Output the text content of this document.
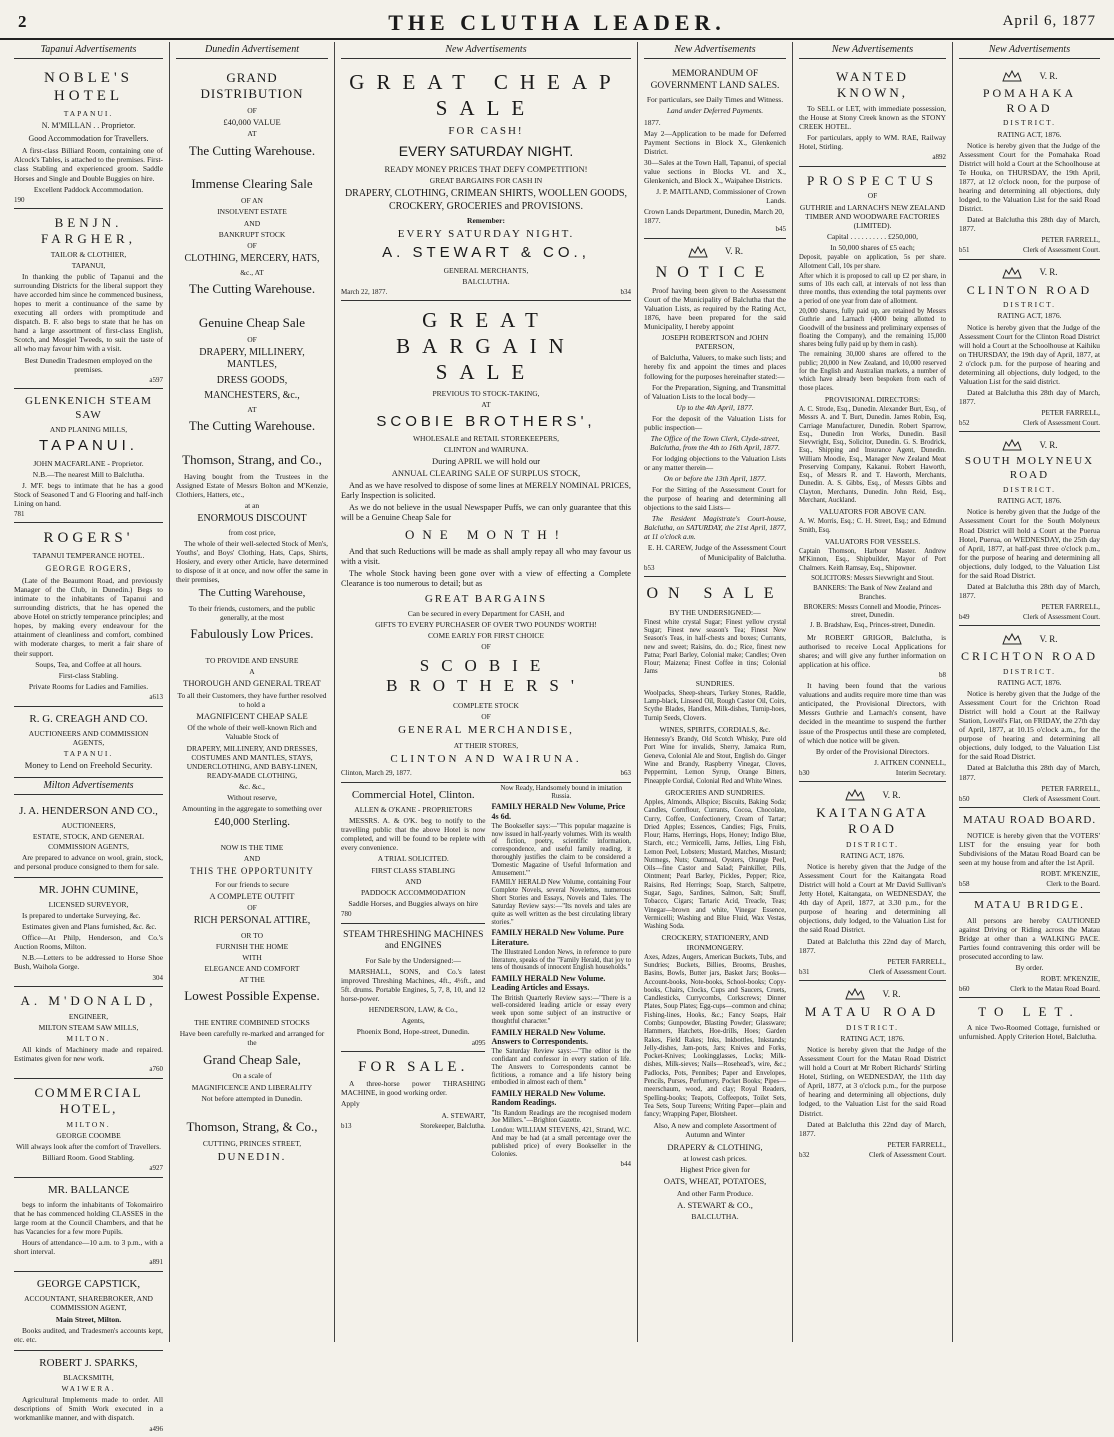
2	THE CLUTHA LEADER.	April 6, 1877
Tapanui Advertisements
NOBLE'S HOTEL
TAPANUI.
N. M'MILLAN . . Proprietor.
Good Accommodation for Travellers.
A first-class Billiard Room, containing one of Alcock's Tables, is attached to the premises. First-class Stabling and experienced groom. Saddle Horses and Single and Double Buggies on hire.
Excellent Paddock Accommodation.
190
BENJN. FARGHER,
TAILOR & CLOTHIER,
TAPANUI,
In thanking the public of Tapanui and the surrounding Districts for the liberal support they have accorded him since he commenced business, hopes to merit a continuance of the same by executing all orders with promptitude and dispatch. B. F. also begs to state that he has on hand a large assortment of first-class English, Scotch, and Mosgiel Tweeds, to suit the taste of all who may favour him with a visit.
Best Dunedin Tradesmen employed on the premises.
a597
GLENKENICH STEAM SAW
AND PLANING MILLS,
TAPANUI.
JOHN MACFARLANE - Proprietor.
N.B.—The nearest Mill to Balclutha.
J. M'F. begs to intimate that he has a good Stock of Seasoned T and G Flooring and half-inch Lining on hand.
781
ROGERS'
TAPANUI TEMPERANCE HOTEL.
GEORGE ROGERS,
(Late of the Beaumont Road, and previously Manager of the Club, in Dunedin.) Begs to intimate to the inhabitants of Tapanui and surrounding districts, that he has opened the above Hotel on strictly temperance principles; and hopes, by making every endeavour for the attainment of cleanliness and comfort, combined with moderate charges, to merit a fair share of their support.
Soups, Tea, and Coffee at all hours.
First-class Stabling.
Private Rooms for Ladies and Families.
a613
R. G. CREAGH AND CO.
AUCTIONEERS AND COMMISSION AGENTS,
TAPANUI.
Money to Lend on Freehold Security.
Milton Advertisements
J. A. HENDERSON AND CO.,
AUCTIONEERS,
ESTATE, STOCK, AND GENERAL COMMISSION AGENTS,
Are prepared to advance on wool, grain, stock, and personal produce consigned to them for sale.
MR. JOHN CUMINE,
LICENSED SURVEYOR,
Is prepared to undertake Surveying, &c.
Estimates given and Plans furnished, &c. &c.
Office—At Philp, Henderson, and Co.'s Auction Rooms, Milton.
N.B.—Letters to be addressed to Horse Shoe Bush, Waihola Gorge.
304
A. M'DONALD,
ENGINEER,
MILTON STEAM SAW MILLS,
MILTON.
All kinds of Machinery made and repaired. Estimates given for new work.
a760
COMMERCIAL HOTEL,
MILTON.
GEORGE COOMBE
Will always look after the comfort of Travellers.
Billiard Room. Good Stabling.
a927
MR. BALLANCE
begs to inform the inhabitants of Tokomairiro that he has commenced holding CLASSES in the large room at the Council Chambers, and that he has Vacancies for a few more Pupils.
Hours of attendance—10 a.m. to 3 p.m., with a short interval.
a891
GEORGE CAPSTICK,
ACCOUNTANT, SHAREBROKER, AND COMMISSION AGENT,
Main Street, Milton.
Books audited, and Tradesmen's accounts kept, etc. etc.
ROBERT J. SPARKS,
BLACKSMITH,
WAIWERA.
Agricultural Implements made to order. All descriptions of Smith Work executed in a workmanlike manner, and with dispatch.
a496
Dunedin Advertisement
GRAND DISTRIBUTION
OF
£40,000 VALUE
AT
The Cutting Warehouse.
Immense Clearing Sale
OF AN
INSOLVENT ESTATE
AND
BANKRUPT STOCK
OF
CLOTHING, MERCERY, HATS,
&c., AT
The Cutting Warehouse.
Genuine Cheap Sale
OF
DRAPERY, MILLINERY, MANTLES,
DRESS GOODS,
MANCHESTERS, &c.,
AT
The Cutting Warehouse.
Thomson, Strang, and Co.,
Having bought from the Trustees in the Assigned Estate of Messrs Bolton and M'Kenzie, Clothiers, Hatters, etc.,
at an
ENORMOUS DISCOUNT
from cost price,
The whole of their well-selected Stock of Men's, Youths', and Boys' Clothing, Hats, Caps, Shirts, Hosiery, and every other Article, have determined to dispose of it at once, and now offer the same in their premises,
The Cutting Warehouse,
To their friends, customers, and the public generally, at the most
Fabulously Low Prices.
TO PROVIDE AND ENSURE
A
THOROUGH AND GENERAL TREAT
To all their Customers, they have further resolved to hold a
MAGNIFICENT CHEAP SALE
Of the whole of their well-known Rich and Valuable Stock of
DRAPERY, MILLINERY, AND DRESSES, COSTUMES AND MANTLES, STAYS, UNDERCLOTHING, AND BABY-LINEN, READY-MADE CLOTHING,
&c. &c.,
Without reserve,
Amounting in the aggregate to something over
£40,000 Sterling.
NOW IS THE TIME
AND
THIS THE OPPORTUNITY
For our friends to secure
A COMPLETE OUTFIT
OF
RICH PERSONAL ATTIRE,
OR TO
FURNISH THE HOME
WITH
ELEGANCE AND COMFORT
AT THE
Lowest Possible Expense.
THE ENTIRE COMBINED STOCKS
Have been carefully re-marked and arranged for the
Grand Cheap Sale,
On a scale of
MAGNIFICENCE AND LIBERALITY
Not before attempted in Dunedin.
Thomson, Strang, & Co.,
CUTTING, PRINCES STREET,
DUNEDIN.
New Advertisements
GREAT CHEAP SALE
FOR CASH!
EVERY SATURDAY NIGHT.
READY MONEY PRICES THAT DEFY COMPETITION!
GREAT BARGAINS FOR CASH IN
DRAPERY, CLOTHING, CRIMEAN SHIRTS, WOOLLEN GOODS, CROCKERY, GROCERIES and PROVISIONS.
Remember:
EVERY SATURDAY NIGHT.
A. STEWART & CO.,
GENERAL MERCHANTS,
BALCLUTHA.
March 22, 1877.	b34
GREAT BARGAIN SALE
PREVIOUS TO STOCK-TAKING,
AT
SCOBIE BROTHERS',
WHOLESALE and RETAIL STOREKEEPERS,
CLINTON and WAIRUNA.
During APRIL we will hold our
ANNUAL CLEARING SALE OF SURPLUS STOCK,
And as we have resolved to dispose of some lines at MERELY NOMINAL PRICES, Early Inspection is solicited.
As we do not believe in the usual Newspaper Puffs, we can only guarantee that this will be a Genuine Cheap Sale for
ONE MONTH!
And that such Reductions will be made as shall amply repay all who may favour us with a visit.
The whole Stock having been gone over with a view of effecting a Complete Clearance is too numerous to detail; but as
GREAT BARGAINS
Can be secured in every Department for CASH, and
GIFTS TO EVERY PURCHASER OF OVER TWO POUNDS' WORTH!
COME EARLY FOR FIRST CHOICE
OF
SCOBIE BROTHERS'
COMPLETE STOCK
OF
GENERAL MERCHANDISE,
AT THEIR STORES,
CLINTON AND WAIRUNA.
Clinton, March 29, 1877.	b63
Commercial Hotel, Clinton.
ALLEN & O'KANE - PROPRIETORS
MESSRS. A. & O'K. beg to notify to the travelling public that the above Hotel is now completed, and will be found to be replete with every convenience.
A TRIAL SOLICITED.
FIRST CLASS STABLING
AND
PADDOCK ACCOMMODATION
Saddle Horses, and Buggies always on hire
780
STEAM THRESHING MACHINES and ENGINES
For Sale by the Undersigned:—
MARSHALL, SONS, and Co.'s latest improved Threshing Machines, 4ft., 4½ft., and 5ft. drums. Portable Engines, 5, 7, 8, 10, and 12 horse-power.
HENDERSON, LAW, & Co.,
Agents,
Phoenix Bond, Hope-street, Dunedin.
a095
FOR SALE.
A three-horse power THRASHING MACHINE, in good working order.
Apply
A. STEWART,
b13	Storekeeper, Balclutha.
Now Ready, Handsomely bound in imitation Russia.
FAMILY HERALD New Volume, Price 4s 6d.
The Bookseller says:—"This popular magazine is now issued in half-yearly volumes. With its wealth of fiction, poetry, scientific information, correspondence, and useful family reading, it thoroughly justifies the claim to be considered a 'Domestic Magazine of Useful Information and Amusement.'"
FAMILY HERALD New Volume, containing Four Complete Novels, several Novelettes, numerous Short Stories and Essays, Novels and Tales. The Saturday Review says:—"Its novels and tales are quite as well written as the best circulating library stories."
FAMILY HERALD New Volume. Pure Literature.
The Illustrated London News, in reference to pure literature, speaks of the "Family Herald, that joy to tens of thousands of innocent English households."
FAMILY HERALD New Volume. Leading Articles and Essays.
The British Quarterly Review says:—"There is a well-considered leading article or essay every week upon some subject of an instructive or thoughtful character."
FAMILY HERALD New Volume. Answers to Correspondents.
The Saturday Review says:—"The editor is the confidant and confessor in every station of life. The Answers to Correspondents cannot be fictitious, a romance and a life history being embodied in almost each of them."
FAMILY HERALD New Volume. Random Readings.
"Its Random Readings are the recognised modern Joe Millers."—Brighton Gazette.
London: WILLIAM STEVENS, 421, Strand, W.C. And may be had (at a small percentage over the published price) of every Bookseller in the Colonies.
b44
New Advertisements
MEMORANDUM OF GOVERNMENT LAND SALES.
For particulars, see Daily Times and Witness.
Land under Deferred Payments.
1877.
May 2—Application to be made for Deferred Payment Sections in Block X., Glenkenich District.
30—Sales at the Town Hall, Tapanui, of special value sections in Blocks VI. and X., Glenkenich, and Block X., Waipahee Districts.
J. P. MAITLAND, Commissioner of Crown Lands.
Crown Lands Department, Dunedin, March 20, 1877.
b45
V. R.
NOTICE
Proof having been given to the Assessment Court of the Municipality of Balclutha that the Valuation Lists, as required by the Rating Act, 1876, have been prepared for the said Municipality, I hereby appoint
JOSEPH ROBERTSON and JOHN PATERSON,
of Balclutha, Valuers, to make such lists; and hereby fix and appoint the times and places following for the purposes hereinafter stated:—
For the Preparation, Signing, and Transmittal of Valuation Lists to the local body—
Up to the 4th April, 1877.
For the deposit of the Valuation Lists for public inspection—
The Office of the Town Clerk, Clyde-street, Balclutha, from the 4th to 16th April, 1877.
For lodging objections to the Valuation Lists or any matter therein—
On or before the 13th April, 1877.
For the Sitting of the Assessment Court for the purpose of hearing and determining all objections to the said Lists—
The Resident Magistrate's Court-house, Balclutha, on SATURDAY, the 21st April, 1877, at 11 o'clock a.m.
E. H. CAREW, Judge of the Assessment Court of Municipality of Balclutha.
b53
ON SALE
BY THE UNDERSIGNED:—
Finest white crystal Sugar; Finest yellow crystal Sugar; Finest new season's Tea; Finest New Season's Teas, in half-chests and boxes; Currants, new and sweet; Raisins, do. do.; Rice, finest new Patna; Pearl Barley, Colonial make; Candles; Oven Flour; Maizena; Finest Coffee in tins; Colonial Jams
SUNDRIES.
Woolpacks, Sheep-shears, Turkey Stones, Raddle, Lamp-black, Linseed Oil, Rough Castor Oil, Coirs, Scythe Blades, Handles, Milk-dishes, Turnip-hoes, Turnip Seeds, Clovers.
WINES, SPIRITS, CORDIALS, &c.
Hennessy's Brandy, Old Scotch Whisky, Pure old Port Wine for invalids, Sherry, Jamaica Rum, Geneva, Colonial Ale and Stout, English do. Ginger Wine and Brandy, Raspberry Vinegar, Cloves, Peppermint, Lemon Syrup, Orange Bitters, Pineapple Cordial, Colonial Red and White Wines.
GROCERIES AND SUNDRIES.
Apples, Almonds, Allspice; Biscuits, Baking Soda; Candles, Cornflour, Currants, Cocoa, Chocolate, Curry, Coffee, Confectionery, Cream of Tartar; Dried Apples; Essences, Candies; Figs, Fruits, Flour; Hams, Herrings, Hops, Honey; Indigo Blue, Starch, etc.; Vermicelli, Jams, Jellies, Ling Fish, Lemon Peel, Lobsters; Mustard, Matches, Mustard; Nutmegs, Nuts; Oatmeal, Oysters, Orange Peel, Oils—fine Castor and Salad; Painkiller, Pills, Ointment; Pearl Barley, Pickles, Pepper; Rice, Raisins, Red Herrings; Soap, Starch, Saltpetre, Sugar, Sago, Sardines, Salmon, Salt; Snuff, Tobacco, Cigars; Tartaric Acid, Treacle, Teas; Vinegar—brown and white, Vinegar Essence, Vermicelli; Washing and Blue Fluid, Wax Vestas, Washing Soda.
CROCKERY, STATIONERY, AND IRONMONGERY.
Axes, Adzes, Augers, American Buckets, Tubs, and Sundries; Buckets, Billies, Brooms, Brushes, Basins, Bowls, Butter jars, Basket Jars; Books—Account-books, Note-books, School-books; Copy-books, Chairs, Clocks, Cups and Saucers, Cruets, Candlesticks, Currycombs, Corkscrews; Dinner Plates, Soup Plates; Egg-cups—common and china; Fishing-lines, Hooks, &c.; Fancy Soaps, Hair Combs; Gunpowder, Blasting Powder; Glassware; Hammers, Hatchets, Hoe-drills, Hoes; Garden Rakes, Field Rakes; Inks, Inkbottles, Inkstands; Jelly-dishes, Jam-pots, Jars; Knives and Forks, Pocket-Knives; Lookingglasses, Locks; Milk-dishes, Milk-sieves; Nails—Rosehead's, wire, &c.; Padlocks, Pots, Pennibes; Paper and Envelopes, Pencils, Purses, Perfumery, Pocket Books; Pipes—meerschaum, wood, and clay; Royal Readers, Spelling-books; Teapots, Coffeepots, Toilet Sets, Tea Sets, Soup Tureens; Writing Paper—plain and fancy; Wrapping Paper, Blotsheet.
Also, A new and complete Assortment of Autumn and Winter
DRAPERY & CLOTHING,
at lowest cash prices.
Highest Price given for
OATS, WHEAT, POTATOES,
And other Farm Produce.
A. STEWART & CO.,
BALCLUTHA.
New Advertisements
WANTED KNOWN,
To SELL or LET, with immediate possession, the House at Stony Creek known as the STONY CREEK HOTEL.
For particulars, apply to WM. RAE, Railway Hotel, Stirling.
a892
PROSPECTUS
OF
GUTHRIE and LARNACH'S NEW ZEALAND TIMBER AND WOODWARE FACTORIES (LIMITED).
Capital . . . . . . . . . . £250,000,
In 50,000 shares of £5 each;
Deposit, payable on application, 5s per share. Allotment Call, 10s per share.
After which it is proposed to call up £2 per share, in sums of 10s each call, at intervals of not less than three months, thus extending the total payments over a period of one year from date of allotment.
20,000 shares, fully paid up, are retained by Messrs Guthrie and Larnach (4000 being allotted to Goodwill of the business and preliminary expenses of floating the Company), and the remaining 15,000 shares being fully paid up by them in cash).
The remaining 30,000 shares are offered to the public; 20,000 in New Zealand, and 10,000 reserved for the English and Australian markets, a number of which have already been bespoken from each of those places.
PROVISIONAL DIRECTORS:
A. C. Strode, Esq., Dunedin. Alexander Burt, Esq., of Messrs A. and T. Burt, Dunedin. James Robin, Esq, Carriage Manufacturer, Dunedin. Robert Sparrow, Esq., Dunedin Iron Works, Dunedin. Basil Sievwright, Esq., Solicitor, Dunedin. G. S. Brodrick, Esq., Shipping and Insurance Agent, Dunedin. William Moodie, Esq., Manager New Zealand Meat Preserving Company, Kakanui. Robert Haworth, Esq., of Messrs R. and T. Haworth, Merchants, Dunedin. A. S. Gibbs, Esq., of Messrs Gibbs and Clayton, Merchants, Dunedin. John Reid, Esq., Merchant, Auckland.
VALUATORS FOR ABOVE CAN.
A. W. Morris, Esq.; C. H. Street, Esq.; and Edmund Smith, Esq.
VALUATORS FOR VESSELS.
Captain Thomson, Harbour Master. Andrew M'Kinnon, Esq., Shipbuilder, Mayor of Port Chalmers. Keith Ramsay, Esq., Shipowner.
SOLICITORS: Messrs Sievwright and Stout.
BANKERS: The Bank of New Zealand and Branches.
BROKERS: Messrs Connell and Moodie, Princes-street, Dunedin.
J. B. Bradshaw, Esq., Princes-street, Dunedin.
Mr ROBERT GRIGOR, Balclutha, is authorised to receive Local Applications for shares; and will give any further information on application at his office.
b8
It having been found that the various valuations and audits require more time than was anticipated, the Provisional Directors, with Messrs Guthrie and Larnach's consent, have decided in the meantime to suspend the further issue of the Prospectus until these are completed, of which due notice will be given.
By order of the Provisional Directors.
J. AITKEN CONNELL,
b30	Interim Secretary.
V. R.
KAITANGATA ROAD
DISTRICT.
RATING ACT, 1876.
Notice is hereby given that the Judge of the Assessment Court for the Kaitangata Road District will hold a Court at Mr David Sullivan's Jetty Hotel, Kaitangata, on WEDNESDAY, the 4th day of April, 1877, at 3.30 p.m., for the purpose of hearing and determining all objections, duly lodged, to the Valuation List for the said Road District.
Dated at Balclutha this 22nd day of March, 1877.
PETER FARRELL,
b31	Clerk of Assessment Court.
V. R.
MATAU ROAD
DISTRICT.
RATING ACT, 1876.
Notice is hereby given that the Judge of the Assessment Court for the Matau Road District will hold a Court at Mr Robert Richards' Stirling Hotel, Stirling, on WEDNESDAY, the 11th day of April, 1877, at 3 o'clock p.m., for the purpose of hearing and determining all objections, duly lodged, to the Valuation List for the said Road District.
Dated at Balclutha this 22nd day of March, 1877.
PETER FARRELL,
b32	Clerk of Assessment Court.
New Advertisements
V. R.
POMAHAKA ROAD
DISTRICT.
RATING ACT, 1876.
Notice is hereby given that the Judge of the Assessment Court for the Pomahaka Road District will hold a Court at the Schoolhouse at Te Houka, on THURSDAY, the 19th April, 1877, at 12 o'clock noon, for the purpose of hearing and determining all objections, duly lodged, to the Valuation List for the said Road District.
Dated at Balclutha this 28th day of March, 1877.
PETER FARRELL,
b51	Clerk of Assessment Court.
V. R.
CLINTON ROAD
DISTRICT.
RATING ACT, 1876.
Notice is hereby given that the Judge of the Assessment Court for the Clinton Road District will hold a Court at the Schoolhouse at Kaihiku on THURSDAY, the 19th day of April, 1877, at 2 o'clock p.m. for the purpose of hearing and determining all objections, duly lodged, to the Valuation List for the said district.
Dated at Balclutha this 28th day of March, 1877.
PETER FARRELL,
b52	Clerk of Assessment Court.
V. R.
SOUTH MOLYNEUX ROAD
DISTRICT.
RATING ACT, 1876.
Notice is hereby given that the Judge of the Assessment Court for the South Molyneux Road District will hold a Court at the Puerua Hotel, Puerua, on WEDNESDAY, the 25th day of April, 1877, at half-past three o'clock p.m., for the purpose of hearing and determining all objections, duly lodged, to the Valuation List for the said Road District.
Dated at Balclutha this 28th day of March, 1877.
PETER FARRELL,
b49	Clerk of Assessment Court.
V. R.
CRICHTON ROAD
DISTRICT.
RATING ACT, 1876.
Notice is hereby given that the Judge of the Assessment Court for the Crichton Road District will hold a Court at the Railway Station, Lovell's Flat, on FRIDAY, the 27th day of April, 1877, at 10.15 o'clock a.m., for the purpose of hearing and determining all objections, duly lodged, to the Valuation List for the said Road District.
Dated at Balclutha this 28th day of March, 1877.
PETER FARRELL,
b50	Clerk of Assessment Court.
MATAU ROAD BOARD.
NOTICE is hereby given that the VOTERS' LIST for the ensuing year for both Subdivisions of the Matau Road Board can be seen at my house from and after the 1st April.
ROBT. M'KENZIE,
b58	Clerk to the Board.
MATAU BRIDGE.
All persons are hereby CAUTIONED against Driving or Riding across the Matau Bridge at other than a WALKING PACE. Parties found contravening this order will be prosecuted according to law.
By order.
ROBT. M'KENZIE,
b60	Clerk to the Matau Road Board.
TO LET.
A nice Two-Roomed Cottage, furnished or unfurnished. Apply Criterion Hotel, Balclutha.
